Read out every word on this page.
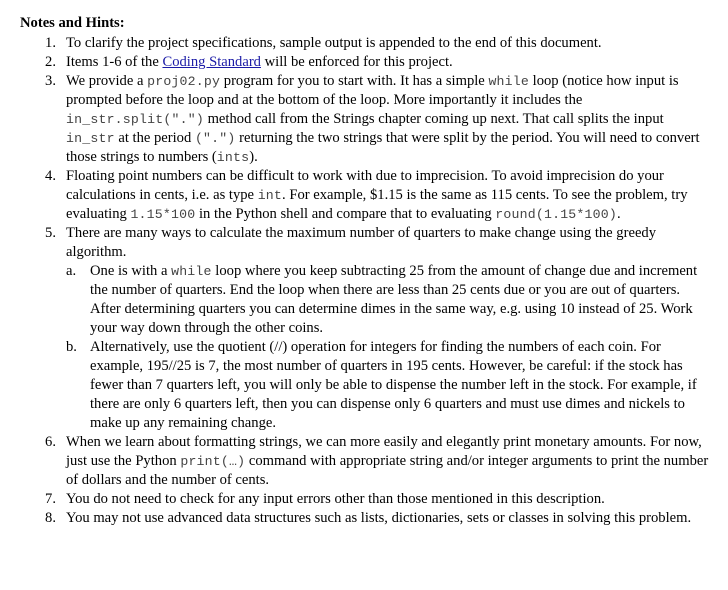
Notes and Hints:
1. To clarify the project specifications, sample output is appended to the end of this document.
2. Items 1-6 of the Coding Standard will be enforced for this project.
3. We provide a proj02.py program for you to start with. It has a simple while loop (notice how input is prompted before the loop and at the bottom of the loop. More importantly it includes the in_str.split(".") method call from the Strings chapter coming up next. That call splits the input in_str at the period (".") returning the two strings that were split by the period. You will need to convert those strings to numbers (ints).
4. Floating point numbers can be difficult to work with due to imprecision. To avoid imprecision do your calculations in cents, i.e. as type int. For example, $1.15 is the same as 115 cents. To see the problem, try evaluating 1.15*100 in the Python shell and compare that to evaluating round(1.15*100).
5. There are many ways to calculate the maximum number of quarters to make change using the greedy algorithm.
a. One is with a while loop where you keep subtracting 25 from the amount of change due and increment the number of quarters. End the loop when there are less than 25 cents due or you are out of quarters. After determining quarters you can determine dimes in the same way, e.g. using 10 instead of 25. Work your way down through the other coins.
b. Alternatively, use the quotient (//) operation for integers for finding the numbers of each coin. For example, 195//25 is 7, the most number of quarters in 195 cents. However, be careful: if the stock has fewer than 7 quarters left, you will only be able to dispense the number left in the stock. For example, if there are only 6 quarters left, then you can dispense only 6 quarters and must use dimes and nickels to make up any remaining change.
6. When we learn about formatting strings, we can more easily and elegantly print monetary amounts. For now, just use the Python print(…) command with appropriate string and/or integer arguments to print the number of dollars and the number of cents.
7. You do not need to check for any input errors other than those mentioned in this description.
8. You may not use advanced data structures such as lists, dictionaries, sets or classes in solving this problem.
